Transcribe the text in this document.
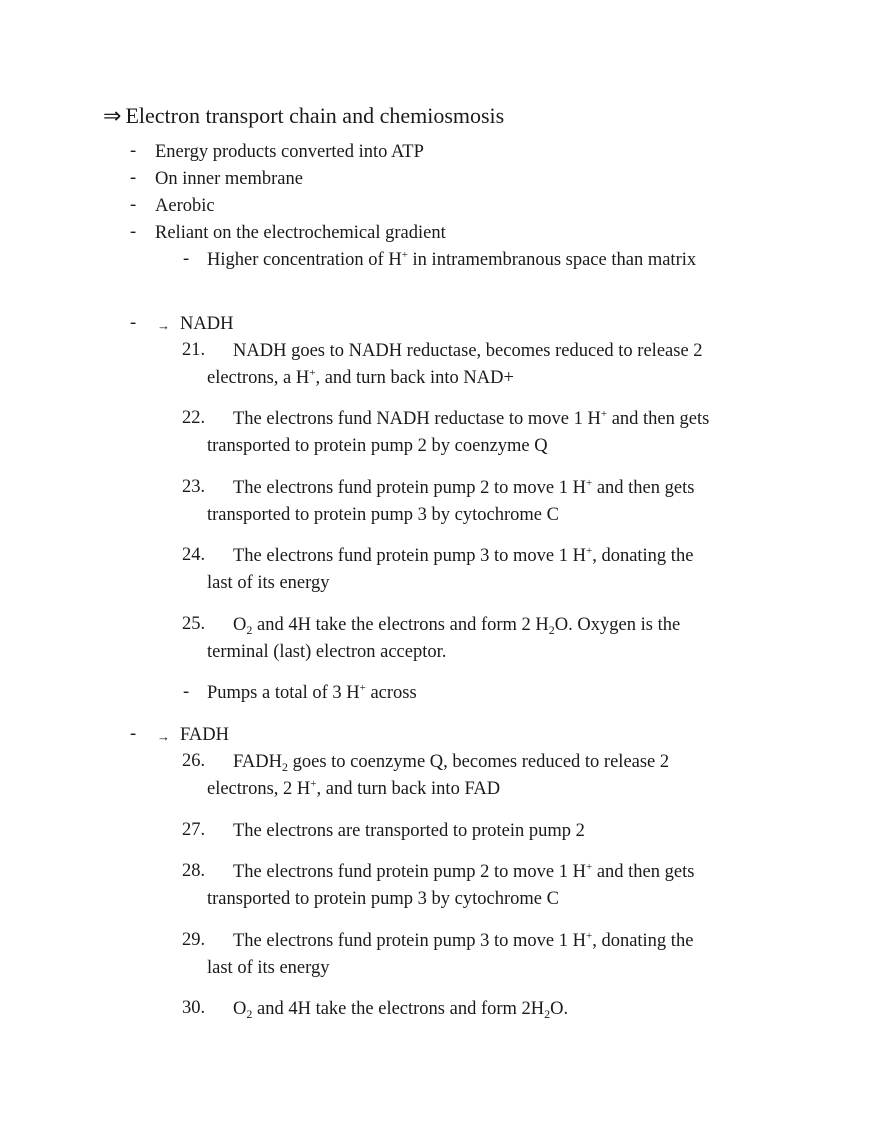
⇒ Electron transport chain and chemiosmosis
- Energy products converted into ATP
- On inner membrane
- Aerobic
- Reliant on the electrochemical gradient
- Higher concentration of H+ in intramembranous space than matrix
- → NADH
21. NADH goes to NADH reductase, becomes reduced to release 2
electrons, a H+, and turn back into NAD+
22. The electrons fund NADH reductase to move 1 H+ and then gets
transported to protein pump 2 by coenzyme Q
23. The electrons fund protein pump 2 to move 1 H+ and then gets
transported to protein pump 3 by cytochrome C
24. The electrons fund protein pump 3 to move 1 H+, donating the
last of its energy
25. $O_2$ and 4H take the electrons and form 2 $H_2O$. Oxygen is the
terminal (last) electron acceptor.
- Pumps a total of 3 H+ across
- → FADH
26. $FADH_2$ goes to coenzyme Q, becomes reduced to release 2
electrons, 2 H+, and turn back into FAD
27. The electrons are transported to protein pump 2
28. The electrons fund protein pump 2 to move 1 H+ and then gets
transported to protein pump 3 by cytochrome C
29. The electrons fund protein pump 3 to move 1 H+, donating the
last of its energy
30. $O_2$ and 4H take the electrons and form $2H_2O$.
